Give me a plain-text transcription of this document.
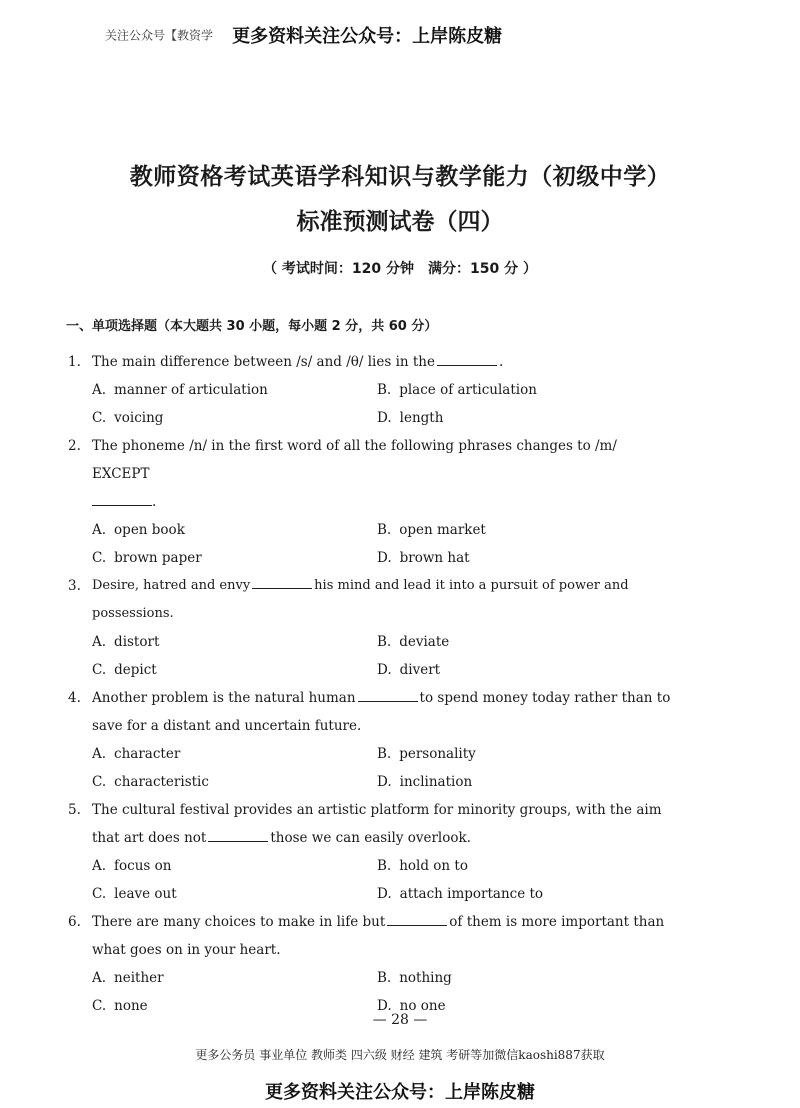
关注公众号【教资学 更多资料关注公众号：上岸陈皮糖

教师资格考试英语学科知识与教学能力（初级中学）

标准预测试卷（四）

（ 考试时间：120 分钟　满分：150 分 ）
一、单项选择题（本大题共 30 小题，每小题 2 分，共 60 分）
1. The main difference between /s/ and /θ/ lies in the	.
A. manner of articulation	B. place of articulation
C. voicing	D. length
2. The phoneme /n/ in the first word of all the following phrases changes to /m/ EXCEPT
.
A. open book	B. open market
C. brown paper	D. brown hat
3. Desire, hatred and envy	his mind and lead it into a pursuit of power and possessions.
A. distort	B. deviate
C. depict	D. divert
4. Another problem is the natural human	to spend money today rather than to save for a distant and uncertain future.
A. character	B. personality
C. characteristic	D. inclination
5. The cultural festival provides an artistic platform for minority groups, with the aim that art does not	those we can easily overlook.
A. focus on	B. hold on to
C. leave out	D. attach importance to
6. There are many choices to make in life but	of them is more important than what goes on in your heart.
A. neither	B. nothing
C. none	D. no one
— 28 —
更多公务员 事业单位 教师类 四六级 财经 建筑 考研等加微信kaoshi887获取
更多资料关注公众号：上岸陈皮糖
